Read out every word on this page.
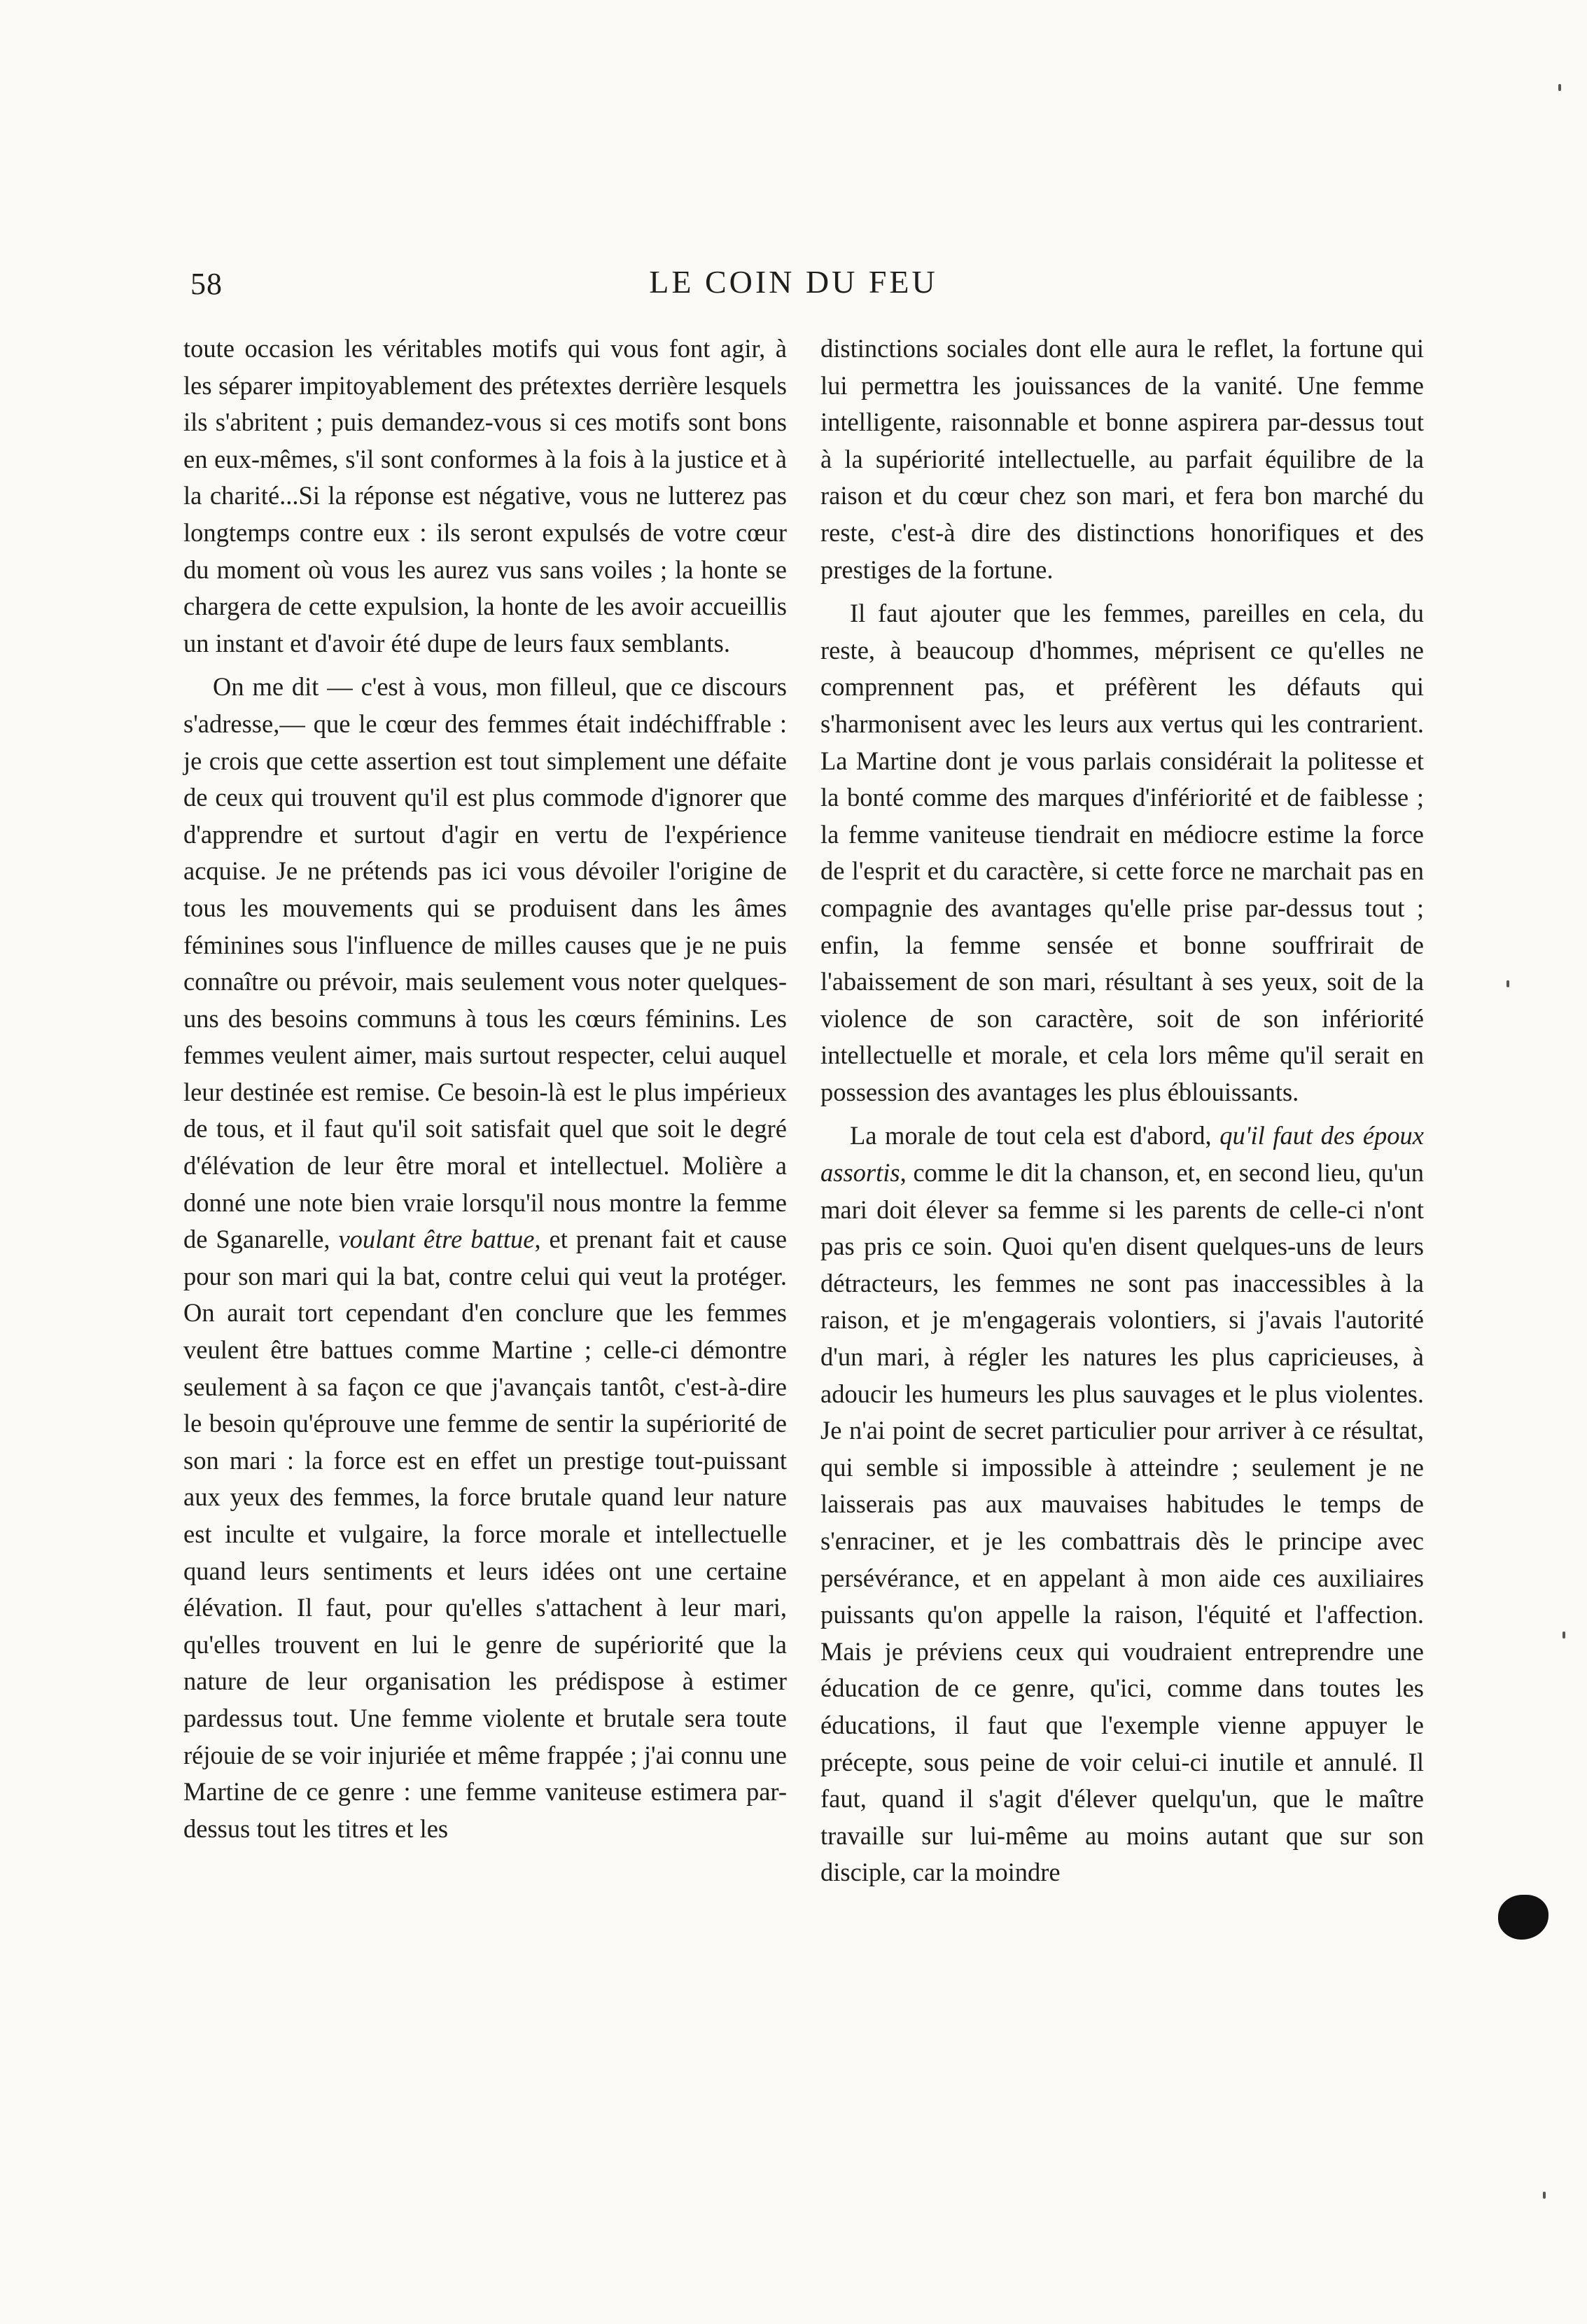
58	LE COIN DU FEU

toute occasion les véritables motifs qui vous font agir, à les séparer impitoyablement des prétextes derrière lesquels ils s'abritent ; puis demandez-vous si ces motifs sont bons en eux-mêmes, s'il sont conformes à la fois à la justice et à la charité...Si la réponse est négative, vous ne lutterez pas longtemps contre eux : ils seront expulsés de votre cœur du moment où vous les aurez vus sans voiles ; la honte se chargera de cette expulsion, la honte de les avoir accueillis un instant et d'avoir été dupe de leurs faux semblants.

On me dit — c'est à vous, mon filleul, que ce discours s'adresse,— que le cœur des femmes était indéchiffrable : je crois que cette assertion est tout simplement une défaite de ceux qui trouvent qu'il est plus commode d'ignorer que d'apprendre et surtout d'agir en vertu de l'expérience acquise. Je ne prétends pas ici vous dévoiler l'origine de tous les mouvements qui se produisent dans les âmes féminines sous l'influence de milles causes que je ne puis connaître ou prévoir, mais seulement vous noter quelques-uns des besoins communs à tous les cœurs féminins. Les femmes veulent aimer, mais surtout respecter, celui auquel leur destinée est remise. Ce besoin-là est le plus impérieux de tous, et il faut qu'il soit satisfait quel que soit le degré d'élévation de leur être moral et intellectuel. Molière a donné une note bien vraie lorsqu'il nous montre la femme de Sganarelle, voulant être battue, et prenant fait et cause pour son mari qui la bat, contre celui qui veut la protéger. On aurait tort cependant d'en conclure que les femmes veulent être battues comme Martine ; celle-ci démontre seulement à sa façon ce que j'avançais tantôt, c'est-à-dire le besoin qu'éprouve une femme de sentir la supériorité de son mari : la force est en effet un prestige tout-puissant aux yeux des femmes, la force brutale quand leur nature est inculte et vulgaire, la force morale et intellectuelle quand leurs sentiments et leurs idées ont une certaine élévation. Il faut, pour qu'elles s'attachent à leur mari, qu'elles trouvent en lui le genre de supériorité que la nature de leur organisation les prédispose à estimer pardessus tout. Une femme violente et brutale sera toute réjouie de se voir injuriée et même frappée ; j'ai connu une Martine de ce genre : une femme vaniteuse estimera par-dessus tout les titres et les

distinctions sociales dont elle aura le reflet, la fortune qui lui permettra les jouissances de la vanité. Une femme intelligente, raisonnable et bonne aspirera par-dessus tout à la supériorité intellectuelle, au parfait équilibre de la raison et du cœur chez son mari, et fera bon marché du reste, c'est-à dire des distinctions honorifiques et des prestiges de la fortune.

Il faut ajouter que les femmes, pareilles en cela, du reste, à beaucoup d'hommes, méprisent ce qu'elles ne comprennent pas, et préfèrent les défauts qui s'harmonisent avec les leurs aux vertus qui les contrarient. La Martine dont je vous parlais considérait la politesse et la bonté comme des marques d'infériorité et de faiblesse ; la femme vaniteuse tiendrait en médiocre estime la force de l'esprit et du caractère, si cette force ne marchait pas en compagnie des avantages qu'elle prise par-dessus tout ; enfin, la femme sensée et bonne souffrirait de l'abaissement de son mari, résultant à ses yeux, soit de la violence de son caractère, soit de son infériorité intellectuelle et morale, et cela lors même qu'il serait en possession des avantages les plus éblouissants.

La morale de tout cela est d'abord, qu'il faut des époux assortis, comme le dit la chanson, et, en second lieu, qu'un mari doit élever sa femme si les parents de celle-ci n'ont pas pris ce soin. Quoi qu'en disent quelques-uns de leurs détracteurs, les femmes ne sont pas inaccessibles à la raison, et je m'engagerais volontiers, si j'avais l'autorité d'un mari, à régler les natures les plus capricieuses, à adoucir les humeurs les plus sauvages et le plus violentes. Je n'ai point de secret particulier pour arriver à ce résultat, qui semble si impossible à atteindre ; seulement je ne laisserais pas aux mauvaises habitudes le temps de s'enraciner, et je les combattrais dès le principe avec persévérance, et en appelant à mon aide ces auxiliaires puissants qu'on appelle la raison, l'équité et l'affection. Mais je préviens ceux qui voudraient entreprendre une éducation de ce genre, qu'ici, comme dans toutes les éducations, il faut que l'exemple vienne appuyer le précepte, sous peine de voir celui-ci inutile et annulé. Il faut, quand il s'agit d'élever quelqu'un, que le maître travaille sur lui-même au moins autant que sur son disciple, car la moindre
